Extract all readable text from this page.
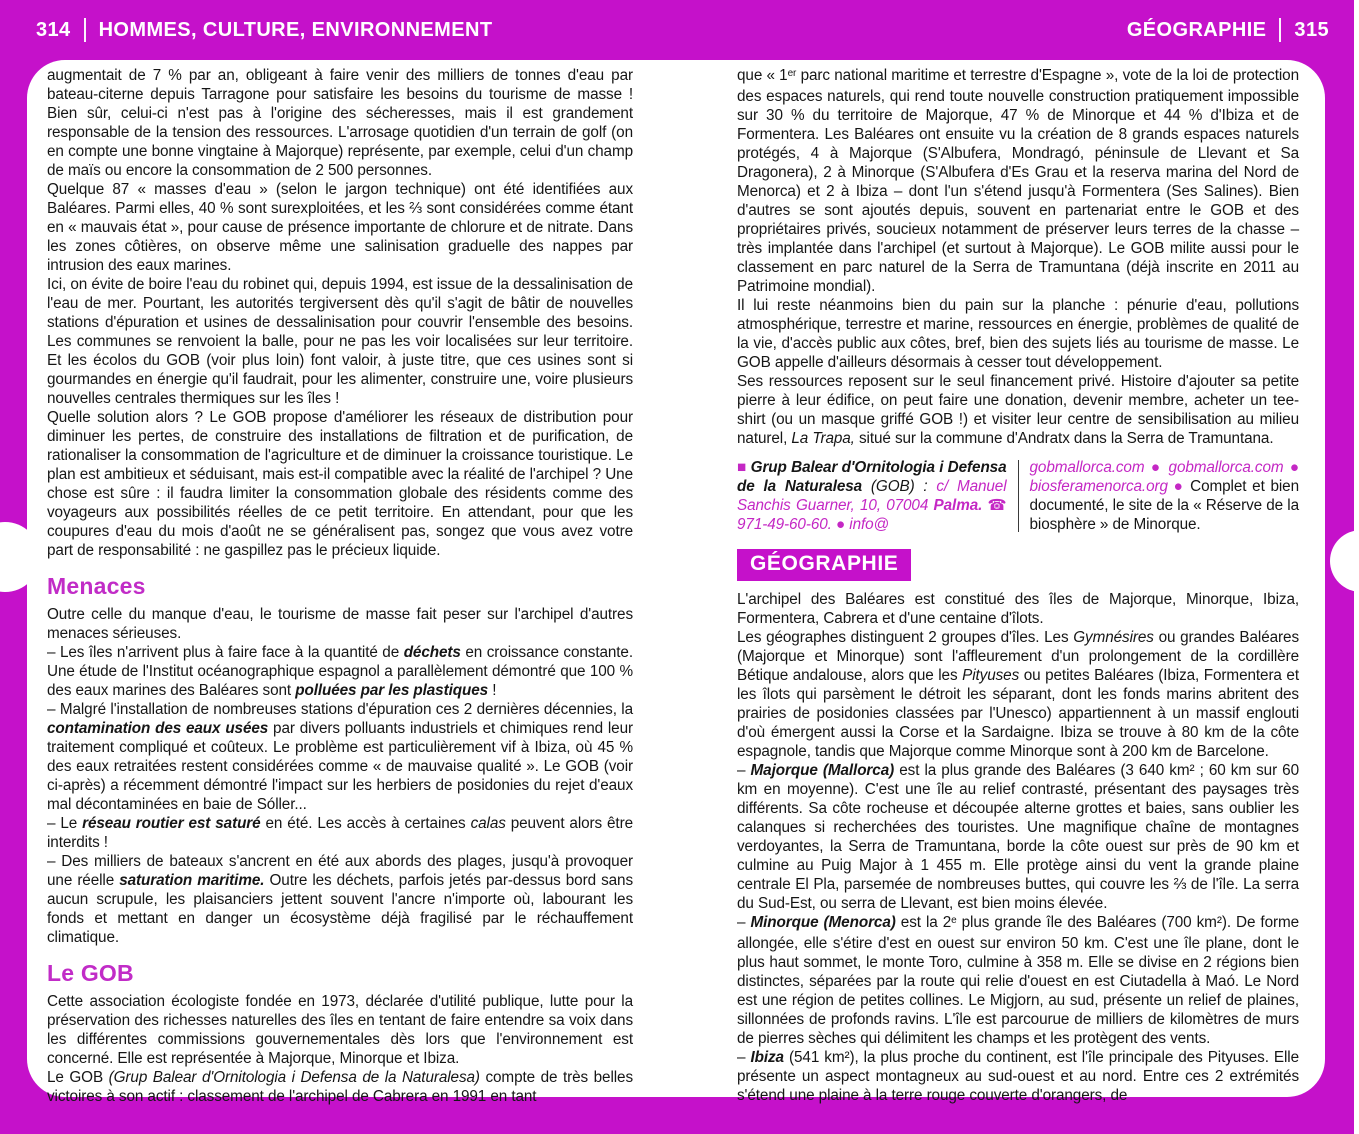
314 HOMMES, CULTURE, ENVIRONNEMENT	GÉOGRAPHIE 315

augmentait de 7 % par an, obligeant à faire venir des milliers de tonnes d'eau par bateau-citerne depuis Tarragone pour satisfaire les besoins du tourisme de masse ! Bien sûr, celui-ci n'est pas à l'origine des sécheresses, mais il est grandement responsable de la tension des ressources. L'arrosage quotidien d'un terrain de golf (on en compte une bonne vingtaine à Majorque) représente, par exemple, celui d'un champ de maïs ou encore la consommation de 2 500 personnes.

Quelque 87 « masses d'eau » (selon le jargon technique) ont été identifiées aux Baléares. Parmi elles, 40 % sont surexploitées, et les ⅔ sont considérées comme étant en « mauvais état », pour cause de présence importante de chlorure et de nitrate. Dans les zones côtières, on observe même une salinisation graduelle des nappes par intrusion des eaux marines.

Ici, on évite de boire l'eau du robinet qui, depuis 1994, est issue de la dessalinisation de l'eau de mer. Pourtant, les autorités tergiversent dès qu'il s'agit de bâtir de nouvelles stations d'épuration et usines de dessalinisation pour couvrir l'ensemble des besoins. Les communes se renvoient la balle, pour ne pas les voir localisées sur leur territoire. Et les écolos du GOB (voir plus loin) font valoir, à juste titre, que ces usines sont si gourmandes en énergie qu'il faudrait, pour les alimenter, construire une, voire plusieurs nouvelles centrales thermiques sur les îles !

Quelle solution alors ? Le GOB propose d'améliorer les réseaux de distribution pour diminuer les pertes, de construire des installations de filtration et de purification, de rationaliser la consommation de l'agriculture et de diminuer la croissance touristique. Le plan est ambitieux et séduisant, mais est-il compatible avec la réalité de l'archipel ? Une chose est sûre : il faudra limiter la consommation globale des résidents comme des voyageurs aux possibilités réelles de ce petit territoire. En attendant, pour que les coupures d'eau du mois d'août ne se généralisent pas, songez que vous avez votre part de responsabilité : ne gaspillez pas le précieux liquide.

Menaces

Outre celle du manque d'eau, le tourisme de masse fait peser sur l'archipel d'autres menaces sérieuses.

– Les îles n'arrivent plus à faire face à la quantité de déchets en croissance constante. Une étude de l'Institut océanographique espagnol a parallèlement démontré que 100 % des eaux marines des Baléares sont polluées par les plastiques !

– Malgré l'installation de nombreuses stations d'épuration ces 2 dernières décennies, la contamination des eaux usées par divers polluants industriels et chimiques rend leur traitement compliqué et coûteux. Le problème est particulièrement vif à Ibiza, où 45 % des eaux retraitées restent considérées comme « de mauvaise qualité ». Le GOB (voir ci-après) a récemment démontré l'impact sur les herbiers de posidonies du rejet d'eaux mal décontaminées en baie de Sóller...

– Le réseau routier est saturé en été. Les accès à certaines calas peuvent alors être interdits !

– Des milliers de bateaux s'ancrent en été aux abords des plages, jusqu'à provoquer une réelle saturation maritime. Outre les déchets, parfois jetés par-dessus bord sans aucun scrupule, les plaisanciers jettent souvent l'ancre n'importe où, labourant les fonds et mettant en danger un écosystème déjà fragilisé par le réchauffement climatique.

Le GOB

Cette association écologiste fondée en 1973, déclarée d'utilité publique, lutte pour la préservation des richesses naturelles des îles en tentant de faire entendre sa voix dans les différentes commissions gouvernementales dès lors que l'environnement est concerné. Elle est représentée à Majorque, Minorque et Ibiza.

Le GOB (Grup Balear d'Ornitologia i Defensa de la Naturalesa) compte de très belles victoires à son actif : classement de l'archipel de Cabrera en 1991 en tant

que « 1er parc national maritime et terrestre d'Espagne », vote de la loi de protection des espaces naturels, qui rend toute nouvelle construction pratiquement impossible sur 30 % du territoire de Majorque, 47 % de Minorque et 44 % d'Ibiza et de Formentera. Les Baléares ont ensuite vu la création de 8 grands espaces naturels protégés, 4 à Majorque (S'Albufera, Mondragó, péninsule de Llevant et Sa Dragonera), 2 à Minorque (S'Albufera d'Es Grau et la reserva marina del Nord de Menorca) et 2 à Ibiza – dont l'un s'étend jusqu'à Formentera (Ses Salines). Bien d'autres se sont ajoutés depuis, souvent en partenariat entre le GOB et des propriétaires privés, soucieux notamment de préserver leurs terres de la chasse – très implantée dans l'archipel (et surtout à Majorque). Le GOB milite aussi pour le classement en parc naturel de la Serra de Tramuntana (déjà inscrite en 2011 au Patrimoine mondial).

Il lui reste néanmoins bien du pain sur la planche : pénurie d'eau, pollutions atmosphérique, terrestre et marine, ressources en énergie, problèmes de qualité de la vie, d'accès public aux côtes, bref, bien des sujets liés au tourisme de masse. Le GOB appelle d'ailleurs désormais à cesser tout développement.

Ses ressources reposent sur le seul financement privé. Histoire d'ajouter sa petite pierre à leur édifice, on peut faire une donation, devenir membre, acheter un tee-shirt (ou un masque griffé GOB !) et visiter leur centre de sensibilisation au milieu naturel, La Trapa, situé sur la commune d'Andratx dans la Serra de Tramuntana.

■ Grup Balear d'Ornitologia i Defensa de la Naturalesa (GOB) : c/ Manuel Sanchis Guarner, 10, 07004 Palma. ☎ 971-49-60-60. ● info@
gobmallorca.com ● gobmallorca.com ● biosferamenorca.org ● Complet et bien documenté, le site de la « Réserve de la biosphère » de Minorque.
GÉOGRAPHIE

L'archipel des Baléares est constitué des îles de Majorque, Minorque, Ibiza, Formentera, Cabrera et d'une centaine d'îlots.

Les géographes distinguent 2 groupes d'îles. Les Gymnésires ou grandes Baléares (Majorque et Minorque) sont l'affleurement d'un prolongement de la cordillère Bétique andalouse, alors que les Pityuses ou petites Baléares (Ibiza, Formentera et les îlots qui parsèment le détroit les séparant, dont les fonds marins abritent des prairies de posidonies classées par l'Unesco) appartiennent à un massif englouti d'où émergent aussi la Corse et la Sardaigne. Ibiza se trouve à 80 km de la côte espagnole, tandis que Majorque comme Minorque sont à 200 km de Barcelone.

– Majorque (Mallorca) est la plus grande des Baléares (3 640 km² ; 60 km sur 60 km en moyenne). C'est une île au relief contrasté, présentant des paysages très différents. Sa côte rocheuse et découpée alterne grottes et baies, sans oublier les calanques si recherchées des touristes. Une magnifique chaîne de montagnes verdoyantes, la Serra de Tramuntana, borde la côte ouest sur près de 90 km et culmine au Puig Major à 1 455 m. Elle protège ainsi du vent la grande plaine centrale El Pla, parsemée de nombreuses buttes, qui couvre les ⅔ de l'île. La serra du Sud-Est, ou serra de Llevant, est bien moins élevée.

– Minorque (Menorca) est la 2e plus grande île des Baléares (700 km²). De forme allongée, elle s'étire d'est en ouest sur environ 50 km. C'est une île plane, dont le plus haut sommet, le monte Toro, culmine à 358 m. Elle se divise en 2 régions bien distinctes, séparées par la route qui relie d'ouest en est Ciutadella à Maó. Le Nord est une région de petites collines. Le Migjorn, au sud, présente un relief de plaines, sillonnées de profonds ravins. L'île est parcourue de milliers de kilomètres de murs de pierres sèches qui délimitent les champs et les protègent des vents.

– Ibiza (541 km²), la plus proche du continent, est l'île principale des Pityuses. Elle présente un aspect montagneux au sud-ouest et au nord. Entre ces 2 extrémités s'étend une plaine à la terre rouge couverte d'orangers, de
